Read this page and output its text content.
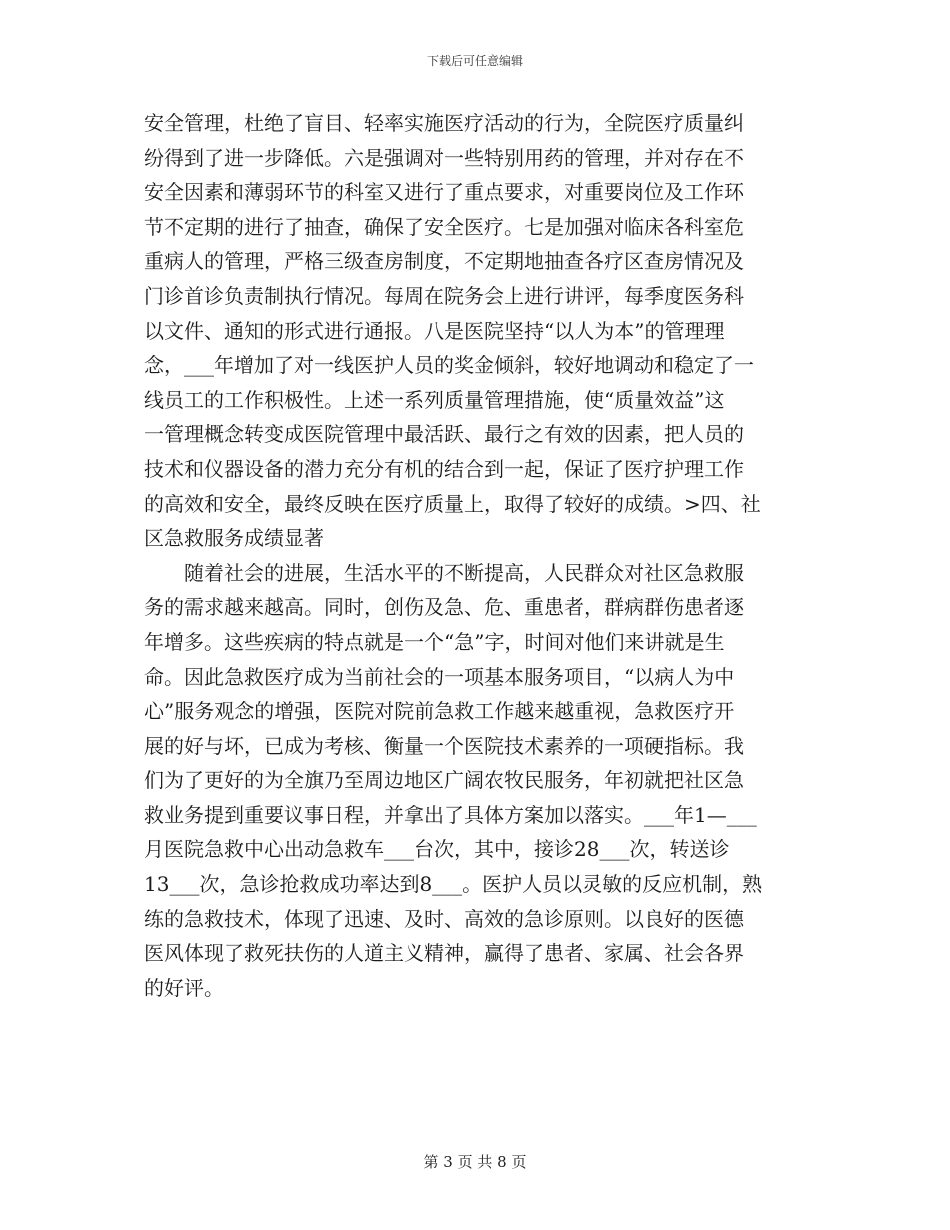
下载后可任意编辑
安全管理，杜绝了盲目、轻率实施医疗活动的行为，全院医疗质量纠
纷得到了进一步降低。六是强调对一些特别用药的管理，并对存在不
安全因素和薄弱环节的科室又进行了重点要求，对重要岗位及工作环
节不定期的进行了抽查，确保了安全医疗。七是加强对临床各科室危
重病人的管理，严格三级查房制度，不定期地抽查各疗区查房情况及
门诊首诊负责制执行情况。每周在院务会上进行讲评，每季度医务科
以文件、通知的形式进行通报。八是医院坚持“以人为本”的管理理
念，___年增加了对一线医护人员的奖金倾斜，较好地调动和稳定了一
线员工的工作积极性。上述一系列质量管理措施，使“质量效益”这
一管理概念转变成医院管理中最活跃、最行之有效的因素，把人员的
技术和仪器设备的潜力充分有机的结合到一起，保证了医疗护理工作
的高效和安全，最终反映在医疗质量上，取得了较好的成绩。>四、社
区急救服务成绩显著
　　随着社会的进展，生活水平的不断提高，人民群众对社区急救服
务的需求越来越高。同时，创伤及急、危、重患者，群病群伤患者逐
年增多。这些疾病的特点就是一个“急”字，时间对他们来讲就是生
命。因此急救医疗成为当前社会的一项基本服务项目，“以病人为中
心”服务观念的增强，医院对院前急救工作越来越重视，急救医疗开
展的好与坏，已成为考核、衡量一个医院技术素养的一项硬指标。我
们为了更好的为全旗乃至周边地区广阔农牧民服务，年初就把社区急
救业务提到重要议事日程，并拿出了具体方案加以落实。___年1—___
月医院急救中心出动急救车___台次，其中，接诊28___次，转送诊
13___次，急诊抢救成功率达到8___。医护人员以灵敏的反应机制，熟
练的急救技术，体现了迅速、及时、高效的急诊原则。以良好的医德
医风体现了救死扶伤的人道主义精神，赢得了患者、家属、社会各界
的好评。
第 3 页 共 8 页
